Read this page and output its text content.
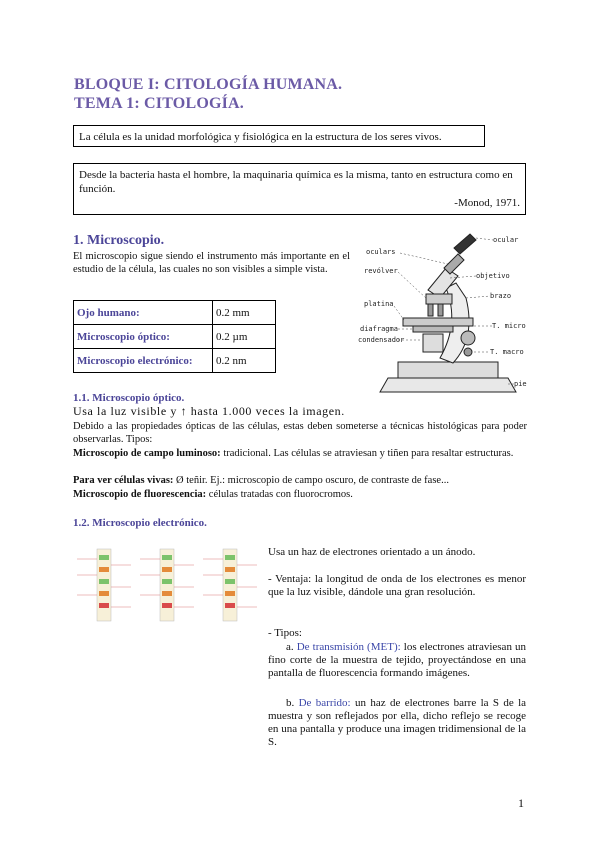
BLOQUE I: CITOLOGÍA HUMANA.
TEMA 1: CITOLOGÍA.
La célula es la unidad morfológica y fisiológica en la estructura de los seres vivos.
Desde la bacteria hasta el hombre, la maquinaria química es la misma, tanto en estructura como en función.
-Monod, 1971.
1. Microscopio.
El microscopio sigue siendo el instrumento más importante en el estudio de la célula, las cuales no son visibles a simple vista.
Ojo humano:	0.2 mm
Microscopio óptico:	0.2 µm
Microscopio electrónico:	0.2 nm
ocular
oculars
revólver
objetivo
brazo
platina
diafragma
condensador
T. micro
T. macro
pie
1.1. Microscopio óptico.
Usa la luz visible y ↑ hasta 1.000 veces la imagen.
Debido a las propiedades ópticas de las células, estas deben someterse a técnicas histológicas para poder observarlas. Tipos:
Microscopio de campo luminoso: tradicional. Las células se atraviesan y tiñen para resaltar estructuras.
Para ver células vivas: Ø teñir. Ej.: microscopio de campo oscuro, de contraste de fase...
Microscopio de fluorescencia: células tratadas con fluorocromos.
1.2. Microscopio electrónico.
Usa un haz de electrones orientado a un ánodo.
- Ventaja: la longitud de onda de los electrones es menor que la luz visible, dándole una gran resolución.
- Tipos:
a. De transmisión (MET): los electrones atraviesan un fino corte de la muestra de tejido, proyectándose en una pantalla de fluorescencia formando imágenes.
b. De barrido: un haz de electrones barre la S de la muestra y son reflejados por ella, dicho reflejo se recoge en una pantalla y produce una imagen tridimensional de la S.
1
